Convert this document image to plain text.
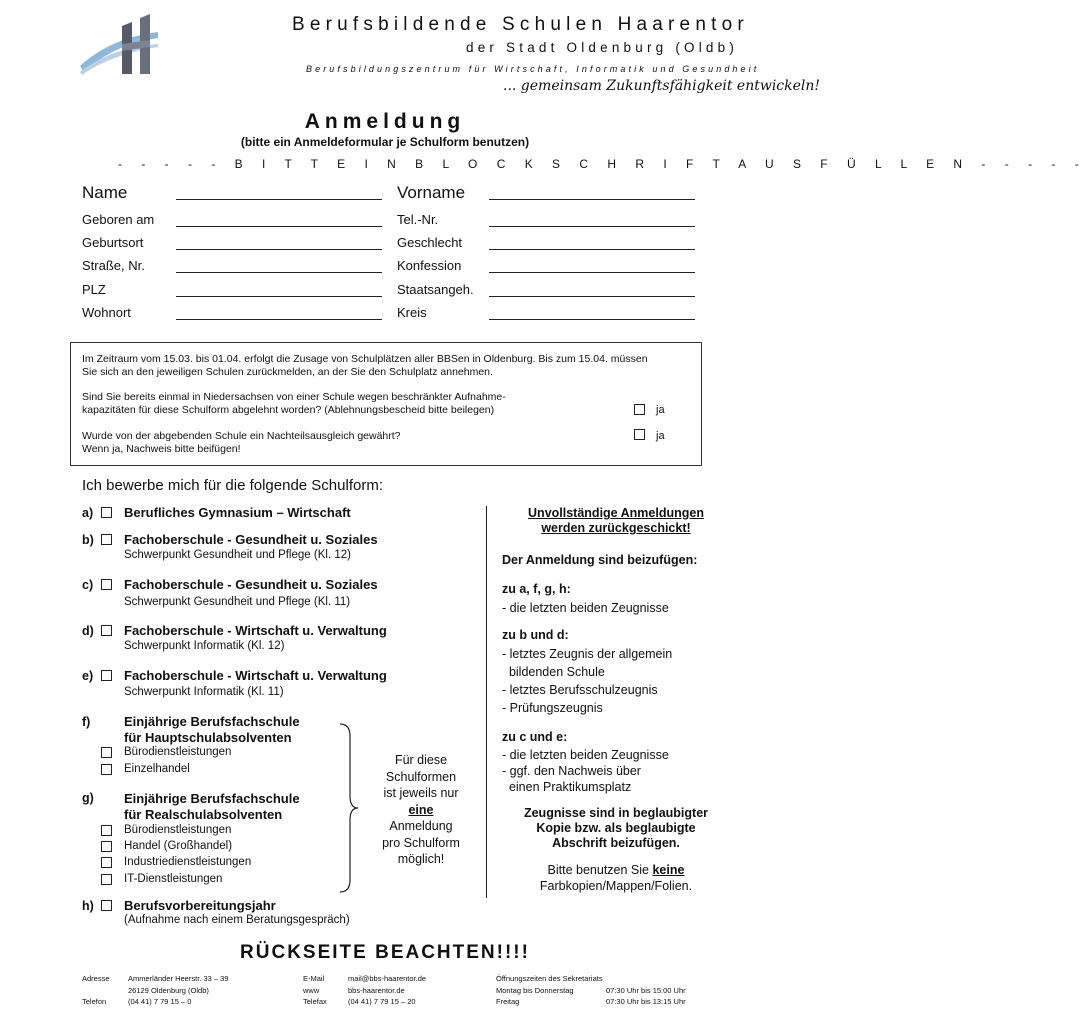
Berufsbildende Schulen Haarentor
der Stadt Oldenburg (Oldb)
Berufsbildungszentrum für Wirtschaft, Informatik und Gesundheit
... gemeinsam Zukunftsfähigkeit entwickeln!
Anmeldung
(bitte ein Anmeldeformular je Schulform benutzen)
- - - - - B I T T E I N B L O C K S C H R I F T A U S F Ü L L E N - - - - -
Name	Vorname
Geboren am	Tel.-Nr.
Geburtsort	Geschlecht
Straße, Nr.	Konfession
PLZ	Staatsangeh.
Wohnort	Kreis
Im Zeitraum vom 15.03. bis 01.04. erfolgt die Zusage von Schulplätzen aller BBSen in Oldenburg. Bis zum 15.04. müssen
Sie sich an den jeweiligen Schulen zurückmelden, an der Sie den Schulplatz annehmen.
Sind Sie bereits einmal in Niedersachsen von einer Schule wegen beschränkter Aufnahme-
kapazitäten für diese Schulform abgelehnt worden? (Ablehnungsbescheid bitte beilegen)	ja
Wurde von der abgebenden Schule ein Nachteilsausgleich gewährt?
Wenn ja, Nachweis bitte beifügen!
ja
Ich bewerbe mich für die folgende Schulform:
a) Berufliches Gymnasium – Wirtschaft
b) Fachoberschule - Gesundheit u. Soziales
Schwerpunkt Gesundheit und Pflege (Kl. 12)
c) Fachoberschule - Gesundheit u. Soziales
Schwerpunkt Gesundheit und Pflege (Kl. 11)
d) Fachoberschule - Wirtschaft u. Verwaltung
Schwerpunkt Informatik (Kl. 12)
e) Fachoberschule - Wirtschaft u. Verwaltung
Schwerpunkt Informatik (Kl. 11)
f)	Einjährige Berufsfachschule
für Hauptschulabsolventen
Bürodienstleistungen
Einzelhandel
g) Einjährige Berufsfachschule
für Realschulabsolventen
Bürodienstleistungen
Handel (Großhandel)
Industriedienstleistungen
IT-Dienstleistungen
h) Berufsvorbereitungsjahr
(Aufnahme nach einem Beratungsgespräch)
Für diese
Schulformen
ist jeweils nur
eine
Anmeldung
pro Schulform
möglich!
Unvollständige Anmeldungen
werden zurückgeschickt!
Der Anmeldung sind beizufügen:
zu a, f, g, h:
- die letzten beiden Zeugnisse
zu b und d:
- letztes Zeugnis der allgemein
bildenden Schule
- letztes Berufsschulzeugnis
- Prüfungszeugnis
zu c und e:
- die letzten beiden Zeugnisse
- ggf. den Nachweis über
einen Praktikumsplatz
Zeugnisse sind in beglaubigter
Kopie bzw. als beglaubigte
Abschrift beizufügen.
Bitte benutzen Sie keine
Farbkopien/Mappen/Folien.
RÜCKSEITE BEACHTEN!!!!
Adresse Ammerländer Heerstr. 33 – 39
26129 Oldenburg (Oldb)
Telefon	(04 41) 7 79 15 – 0
E-Mail	mail@bbs-haarentor.de
www	bbs-haarentor.de
Telefax	(04 41) 7 79 15 – 20
Öffnungszeiten des Sekretariats
Montag bis Donnerstag	07:30 Uhr bis 15:00 Uhr
Freitag	07:30 Uhr bis 13:15 Uhr
